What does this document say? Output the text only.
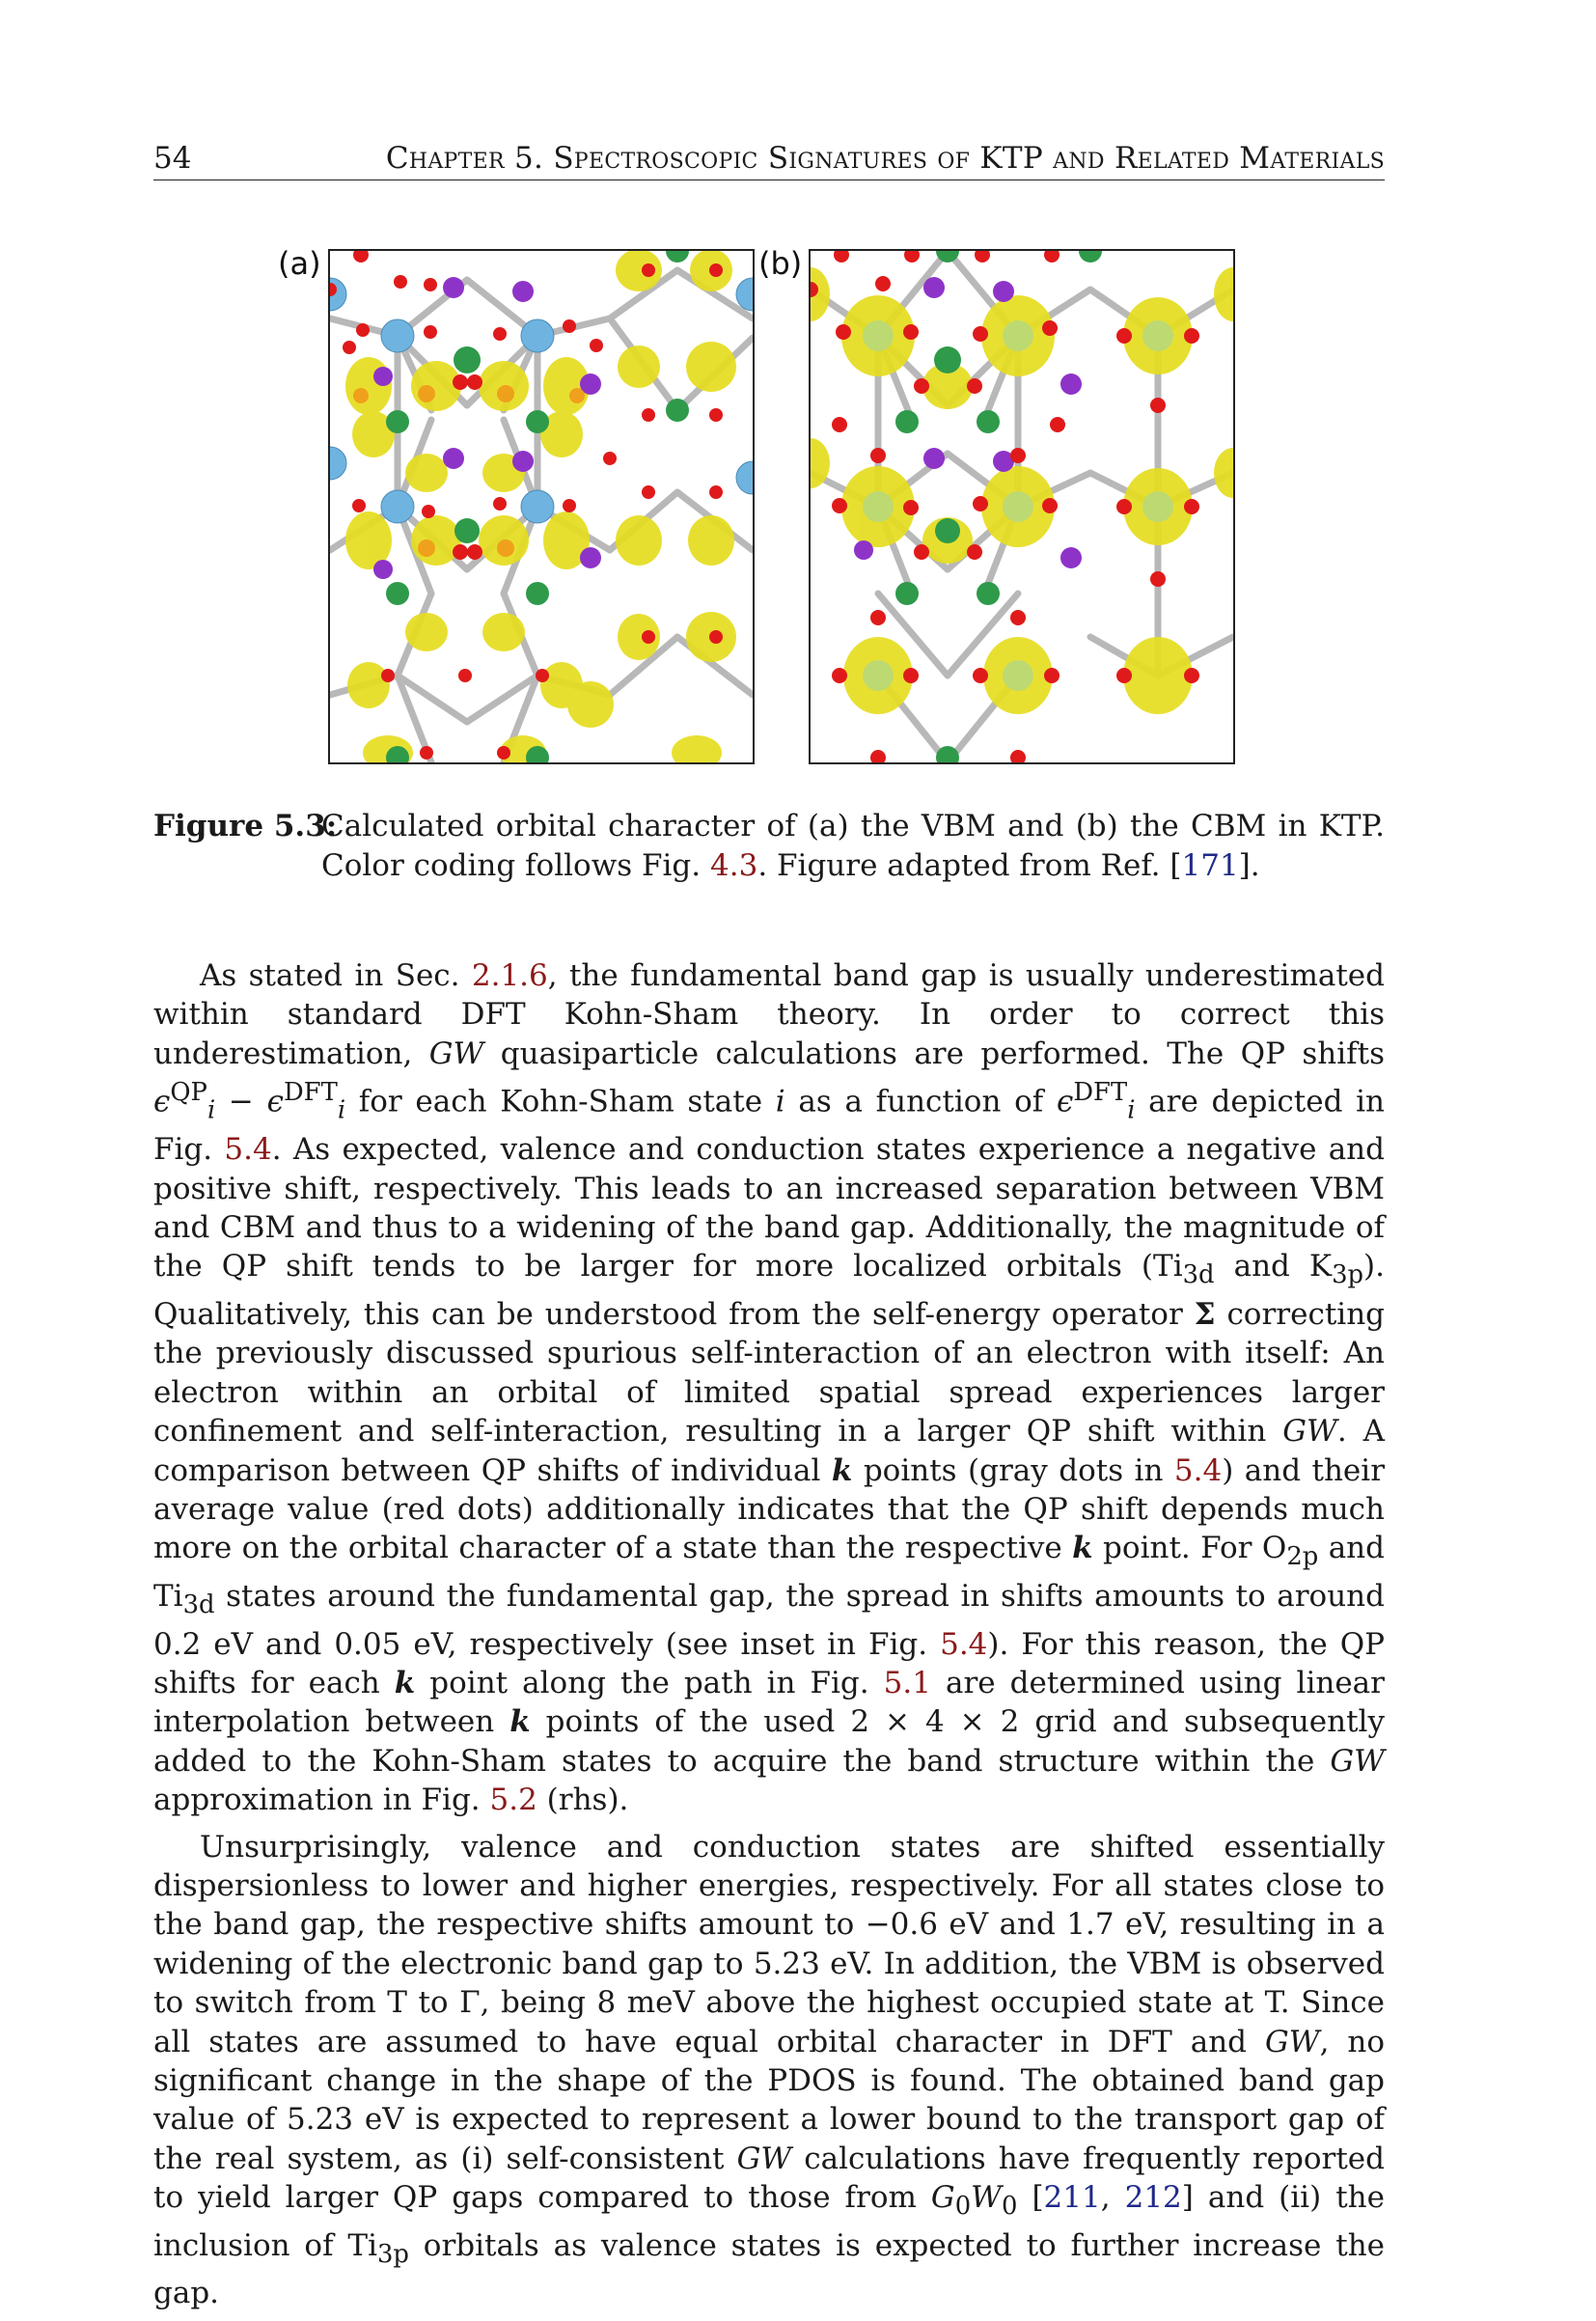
54	Chapter 5. Spectroscopic Signatures of KTP and Related Materials
(a)	(b)
Figure 5.3:
Calculated orbital character of (a) the VBM and (b) the CBM in KTP. Color coding follows Fig. 4.3. Figure adapted from Ref. [171].

As stated in Sec. 2.1.6, the fundamental band gap is usually underestimated within standard DFT Kohn-Sham theory. In order to correct this underestimation, GW quasiparticle calculations are performed. The QP shifts $\epsilon^{QP}_i - \epsilon^{DFT}_i$ for each Kohn-Sham state i as a function of $\epsilon^{DFT}_i$ are depicted in Fig. 5.4. As expected, valence and conduction states experience a negative and positive shift, respectively. This leads to an increased separation between VBM and CBM and thus to a widening of the band gap. Additionally, the magnitude of the QP shift tends to be larger for more localized orbitals ($Ti_{3d}$ and $K_{3p}$). Qualitatively, this can be understood from the self-energy operator Σ correcting the previously discussed spurious self-interaction of an electron with itself: An electron within an orbital of limited spatial spread experiences larger confinement and self-interaction, resulting in a larger QP shift within GW. A comparison between QP shifts of individual k points (gray dots in 5.4) and their average value (red dots) additionally indicates that the QP shift depends much more on the orbital character of a state than the respective k point. For $O_{2p}$ and $Ti_{3d}$ states around the fundamental gap, the spread in shifts amounts to around 0.2 eV and 0.05 eV, respectively (see inset in Fig. 5.4). For this reason, the QP shifts for each k point along the path in Fig. 5.1 are determined using linear interpolation between k points of the used 2 × 4 × 2 grid and subsequently added to the Kohn-Sham states to acquire the band structure within the GW approximation in Fig. 5.2 (rhs).

Unsurprisingly, valence and conduction states are shifted essentially dispersionless to lower and higher energies, respectively. For all states close to the band gap, the respective shifts amount to −0.6 eV and 1.7 eV, resulting in a widening of the electronic band gap to 5.23 eV. In addition, the VBM is observed to switch from T to Γ, being 8 meV above the highest occupied state at T. Since all states are assumed to have equal orbital character in DFT and GW, no significant change in the shape of the PDOS is found. The obtained band gap value of 5.23 eV is expected to represent a lower bound to the transport gap of the real system, as (i) self-consistent GW calculations have frequently reported to yield larger QP gaps compared to those from $G_0W_0$ [211, 212] and (ii) the inclusion of $Ti_{3p}$ orbitals as valence states is expected to further increase the gap.
